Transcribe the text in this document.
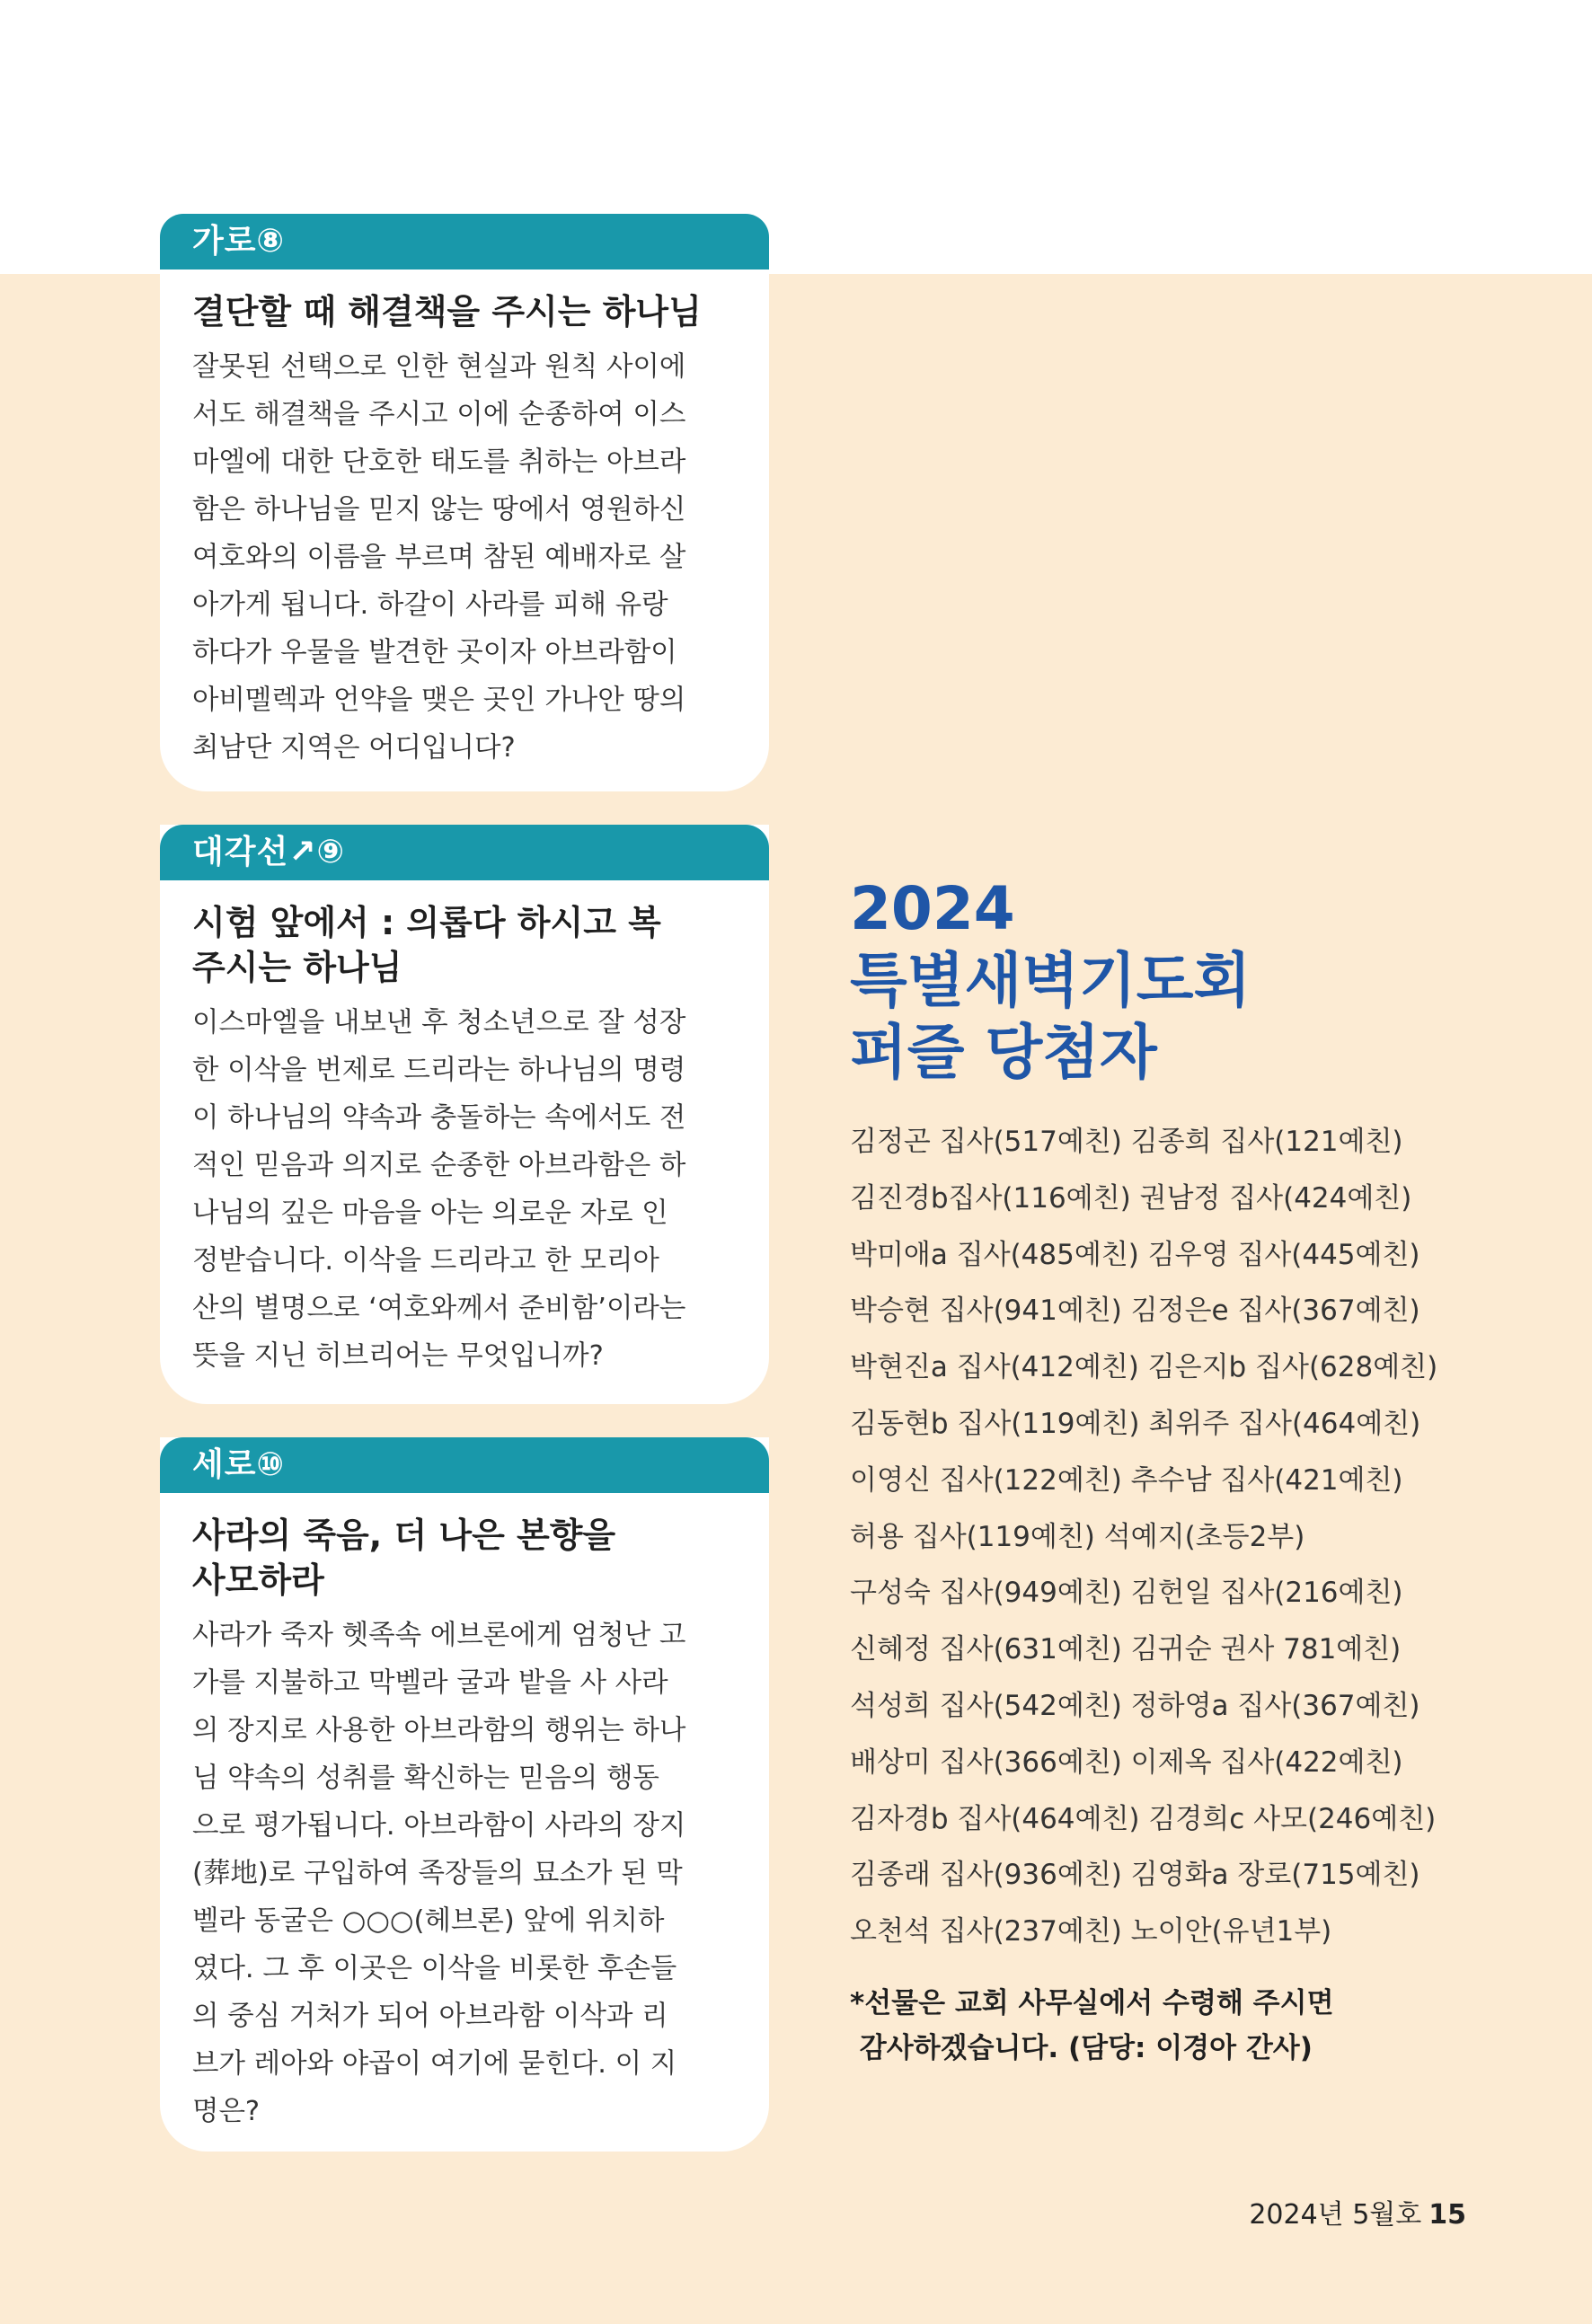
가로⑧
결단할 때 해결책을 주시는 하나님
잘못된 선택으로 인한 현실과 원칙 사이에
서도 해결책을 주시고 이에 순종하여 이스
마엘에 대한 단호한 태도를 취하는 아브라
함은 하나님을 믿지 않는 땅에서 영원하신
여호와의 이름을 부르며 참된 예배자로 살
아가게 됩니다. 하갈이 사라를 피해 유랑
하다가 우물을 발견한 곳이자 아브라함이
아비멜렉과 언약을 맺은 곳인 가나안 땅의
최남단 지역은 어디입니다?
대각선↗⑨
시험 앞에서 : 의롭다 하시고 복
주시는 하나님
이스마엘을 내보낸 후 청소년으로 잘 성장
한 이삭을 번제로 드리라는 하나님의 명령
이 하나님의 약속과 충돌하는 속에서도 전
적인 믿음과 의지로 순종한 아브라함은 하
나님의 깊은 마음을 아는 의로운 자로 인
정받습니다. 이삭을 드리라고 한 모리아
산의 별명으로 ‘여호와께서 준비함’이라는
뜻을 지닌 히브리어는 무엇입니까?
세로⑩
사라의 죽음, 더 나은 본향을
사모하라
사라가 죽자 헷족속 에브론에게 엄청난 고
가를 지불하고 막벨라 굴과 밭을 사 사라
의 장지로 사용한 아브라함의 행위는 하나
님 약속의 성취를 확신하는 믿음의 행동
으로 평가됩니다. 아브라함이 사라의 장지
(葬地)로 구입하여 족장들의 묘소가 된 막
벨라 동굴은 ○○○(헤브론) 앞에 위치하
였다. 그 후 이곳은 이삭을 비롯한 후손들
의 중심 거처가 되어 아브라함 이삭과 리
브가 레아와 야곱이 여기에 묻힌다. 이 지
명은?
2024
특별새벽기도회
퍼즐 당첨자
김정곤 집사(517예친) 김종희 집사(121예친)
김진경b집사(116예친) 권남정 집사(424예친)
박미애a 집사(485예친) 김우영 집사(445예친)
박승현 집사(941예친) 김정은e 집사(367예친)
박현진a 집사(412예친) 김은지b 집사(628예친)
김동현b 집사(119예친) 최위주 집사(464예친)
이영신 집사(122예친) 추수남 집사(421예친)
허용 집사(119예친) 석예지(초등2부)
구성숙 집사(949예친) 김헌일 집사(216예친)
신혜정 집사(631예친) 김귀순 권사 781예친)
석성희 집사(542예친) 정하영a 집사(367예친)
배상미 집사(366예친) 이제옥 집사(422예친)
김자경b 집사(464예친) 김경희c 사모(246예친)
김종래 집사(936예친) 김영화a 장로(715예친)
오천석 집사(237예친) 노이안(유년1부)
*선물은 교회 사무실에서 수령해 주시면
감사하겠습니다. (담당: 이경아 간사)
2024년 5월호 15
